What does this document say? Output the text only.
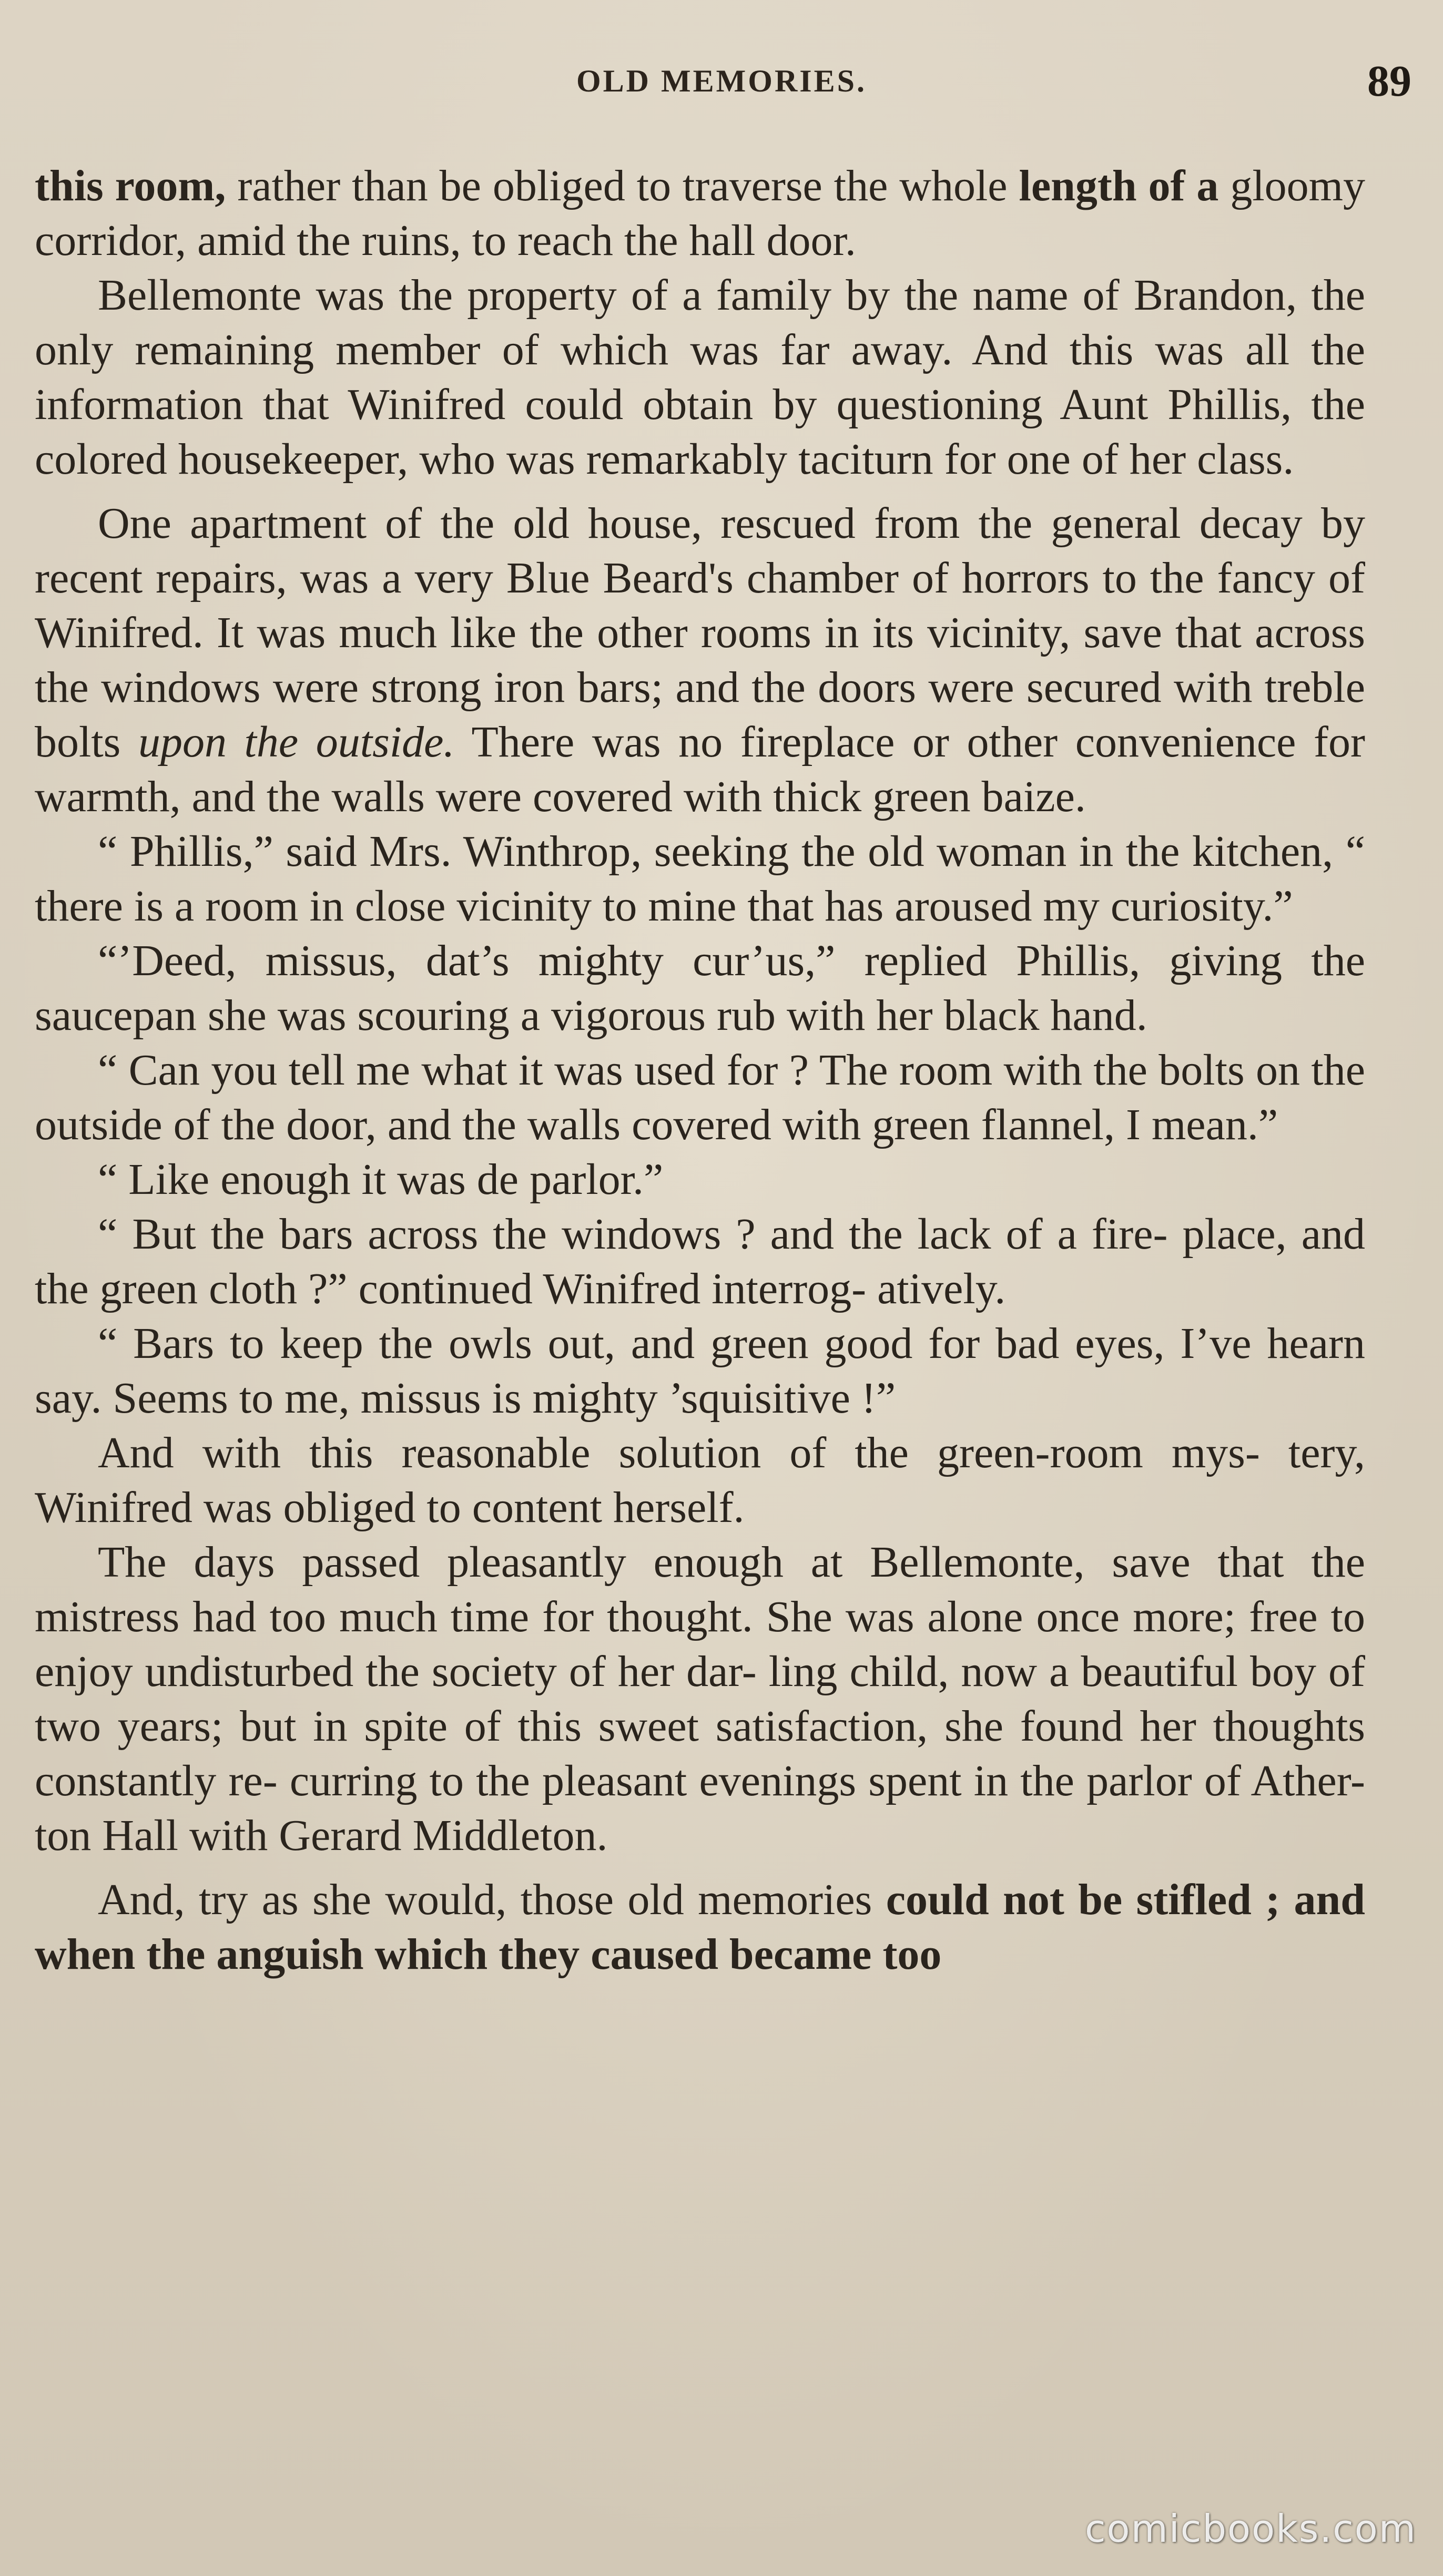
OLD MEMORIES.	89

this room, rather than be obliged to traverse the whole length of a gloomy corridor, amid the ruins, to reach the hall door.

Bellemonte was the property of a family by the name of Brandon, the only remaining member of which was far away. And this was all the information that Winifred could obtain by questioning Aunt Phillis, the colored housekeeper, who was remarkably taciturn for one of her class.

One apartment of the old house, rescued from the general decay by recent repairs, was a very Blue Beard's chamber of horrors to the fancy of Winifred. It was much like the other rooms in its vicinity, save that across the windows were strong iron bars; and the doors were secured with treble bolts upon the outside. There was no fireplace or other convenience for warmth, and the walls were covered with thick green baize.

“ Phillis,” said Mrs. Winthrop, seeking the old woman in the kitchen, “ there is a room in close vicinity to mine that has aroused my curiosity.”

“’Deed, missus, dat’s mighty cur’us,” replied Phillis, giving the saucepan she was scouring a vigorous rub with her black hand.

“ Can you tell me what it was used for ? The room with the bolts on the outside of the door, and the walls covered with green flannel, I mean.”

“ Like enough it was de parlor.”

“ But the bars across the windows ? and the lack of a fire- place, and the green cloth ?” continued Winifred interrog- atively.

“ Bars to keep the owls out, and green good for bad eyes, I’ve hearn say. Seems to me, missus is mighty ’squisitive !”

And with this reasonable solution of the green-room mys- tery, Winifred was obliged to content herself.

The days passed pleasantly enough at Bellemonte, save that the mistress had too much time for thought. She was alone once more; free to enjoy undisturbed the society of her dar- ling child, now a beautiful boy of two years; but in spite of this sweet satisfaction, she found her thoughts constantly re- curring to the pleasant evenings spent in the parlor of Ather- ton Hall with Gerard Middleton.

And, try as she would, those old memories could not be stifled ; and when the anguish which they caused became too

comicbooks.com
